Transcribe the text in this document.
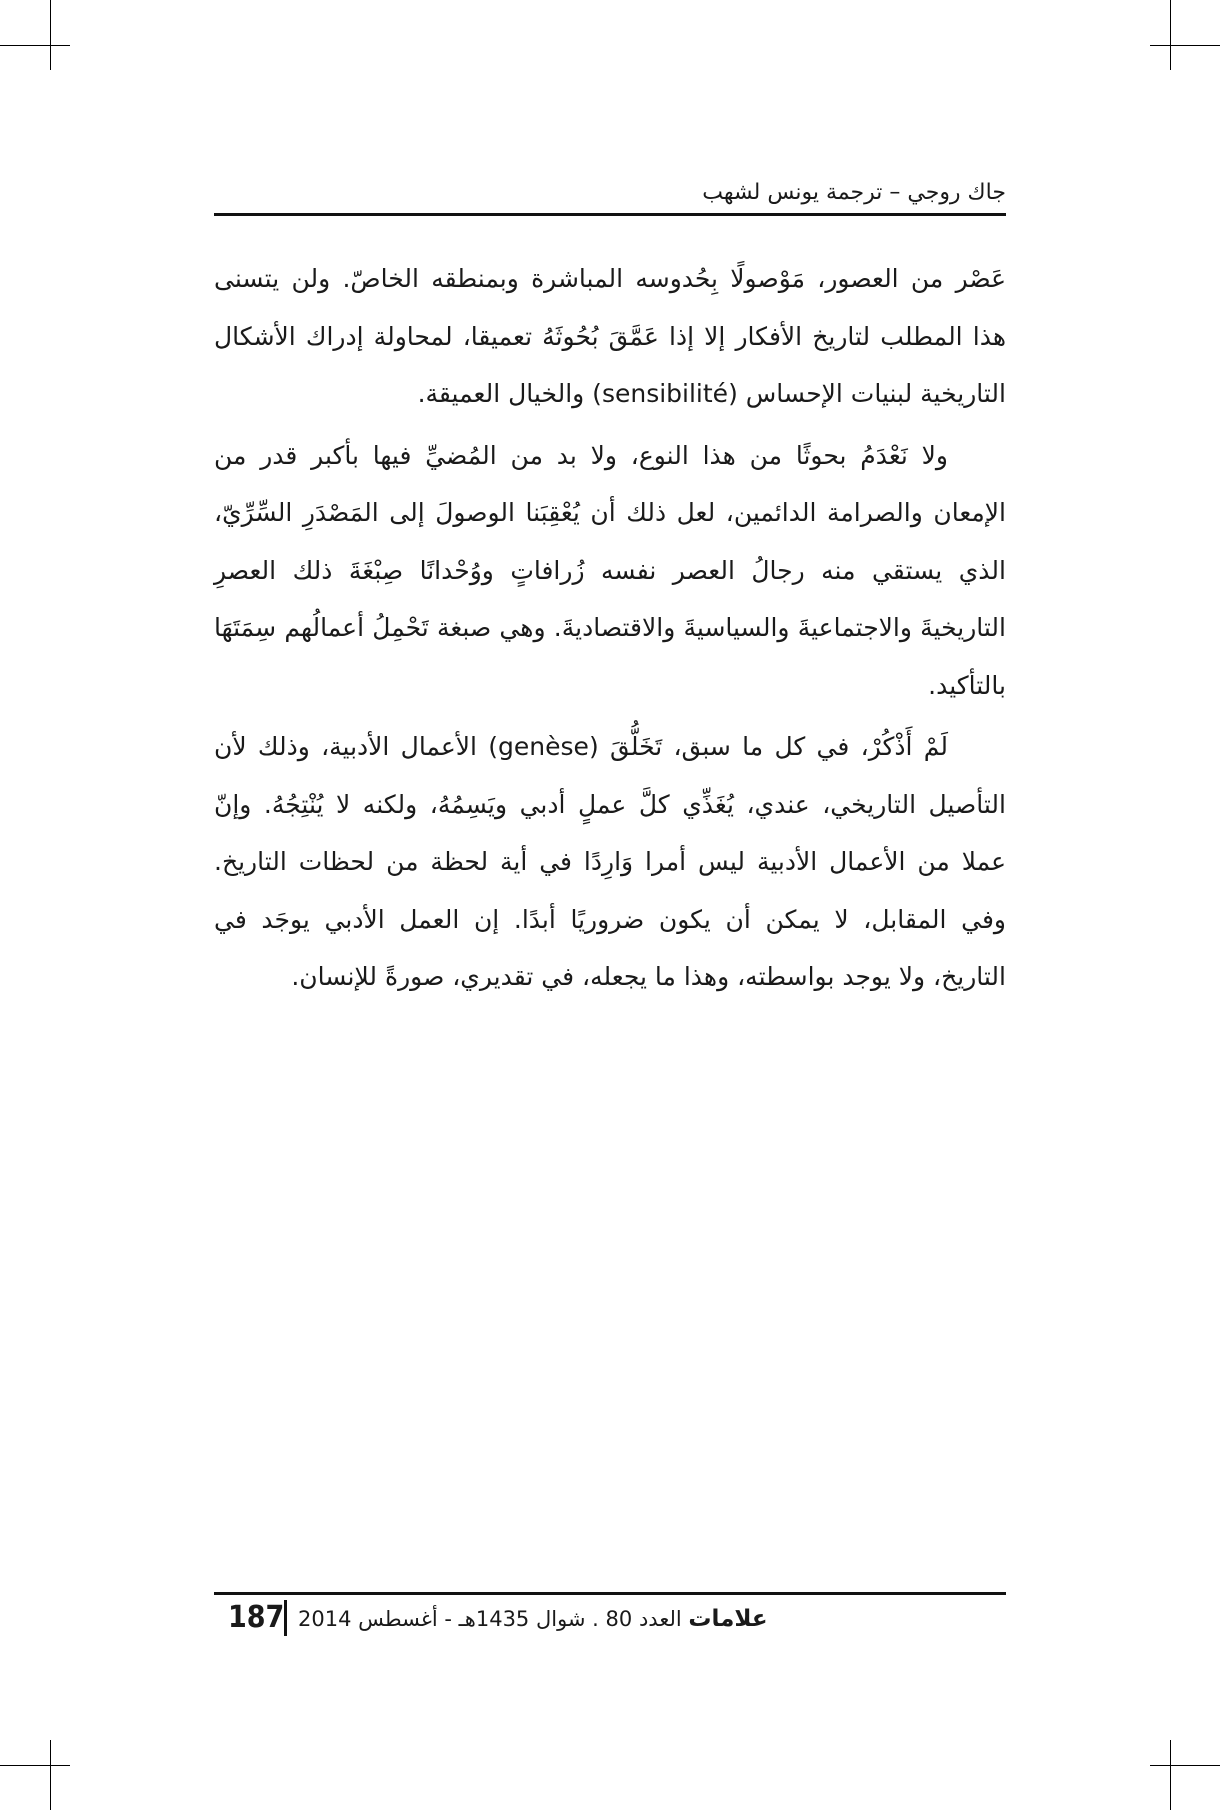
جاك روجي – ترجمة يونس لشهب

عَصْر من العصور، مَوْصولًا بِحُدوسه المباشرة وبمنطقه الخاصّ. ولن يتسنى هذا المطلب لتاريخ الأفكار إلا إذا عَمَّقَ بُحُوثَهُ تعميقا، لمحاولة إدراك الأشكال التاريخية لبنيات الإحساس (sensibilité) والخيال العميقة.

ولا نَعْدَمُ بحوثًا من هذا النوع، ولا بد من المُضيِّ فيها بأكبر قدر من الإمعان والصرامة الدائمين، لعل ذلك أن يُعْقِبَنا الوصولَ إلى المَصْدَرِ السِّرِّيّ، الذي يستقي منه رجالُ العصر نفسه زُرافاتٍ ووُحْدانًا صِبْغَةَ ذلك العصرِ التاريخيةَ والاجتماعيةَ والسياسيةَ والاقتصاديةَ. وهي صبغة تَحْمِلُ أعمالُهم سِمَتَهَا بالتأكيد.

لَمْ أَذْكُرْ، في كل ما سبق، تَخَلُّقَ (genèse) الأعمال الأدبية، وذلك لأن التأصيل التاريخي، عندي، يُغَذِّي كلَّ عملٍ أدبي ويَسِمُهُ، ولكنه لا يُنْتِجُهُ. وإنّ عملا من الأعمال الأدبية ليس أمرا وَارِدًا في أية لحظة من لحظات التاريخ. وفي المقابل، لا يمكن أن يكون ضروريًا أبدًا. إن العمل الأدبي يوجَد في التاريخ، ولا يوجد بواسطته، وهذا ما يجعله، في تقديري، صورةً للإنسان.

187	علامات العدد 80 . شوال 1435هـ - أغسطس 2014
